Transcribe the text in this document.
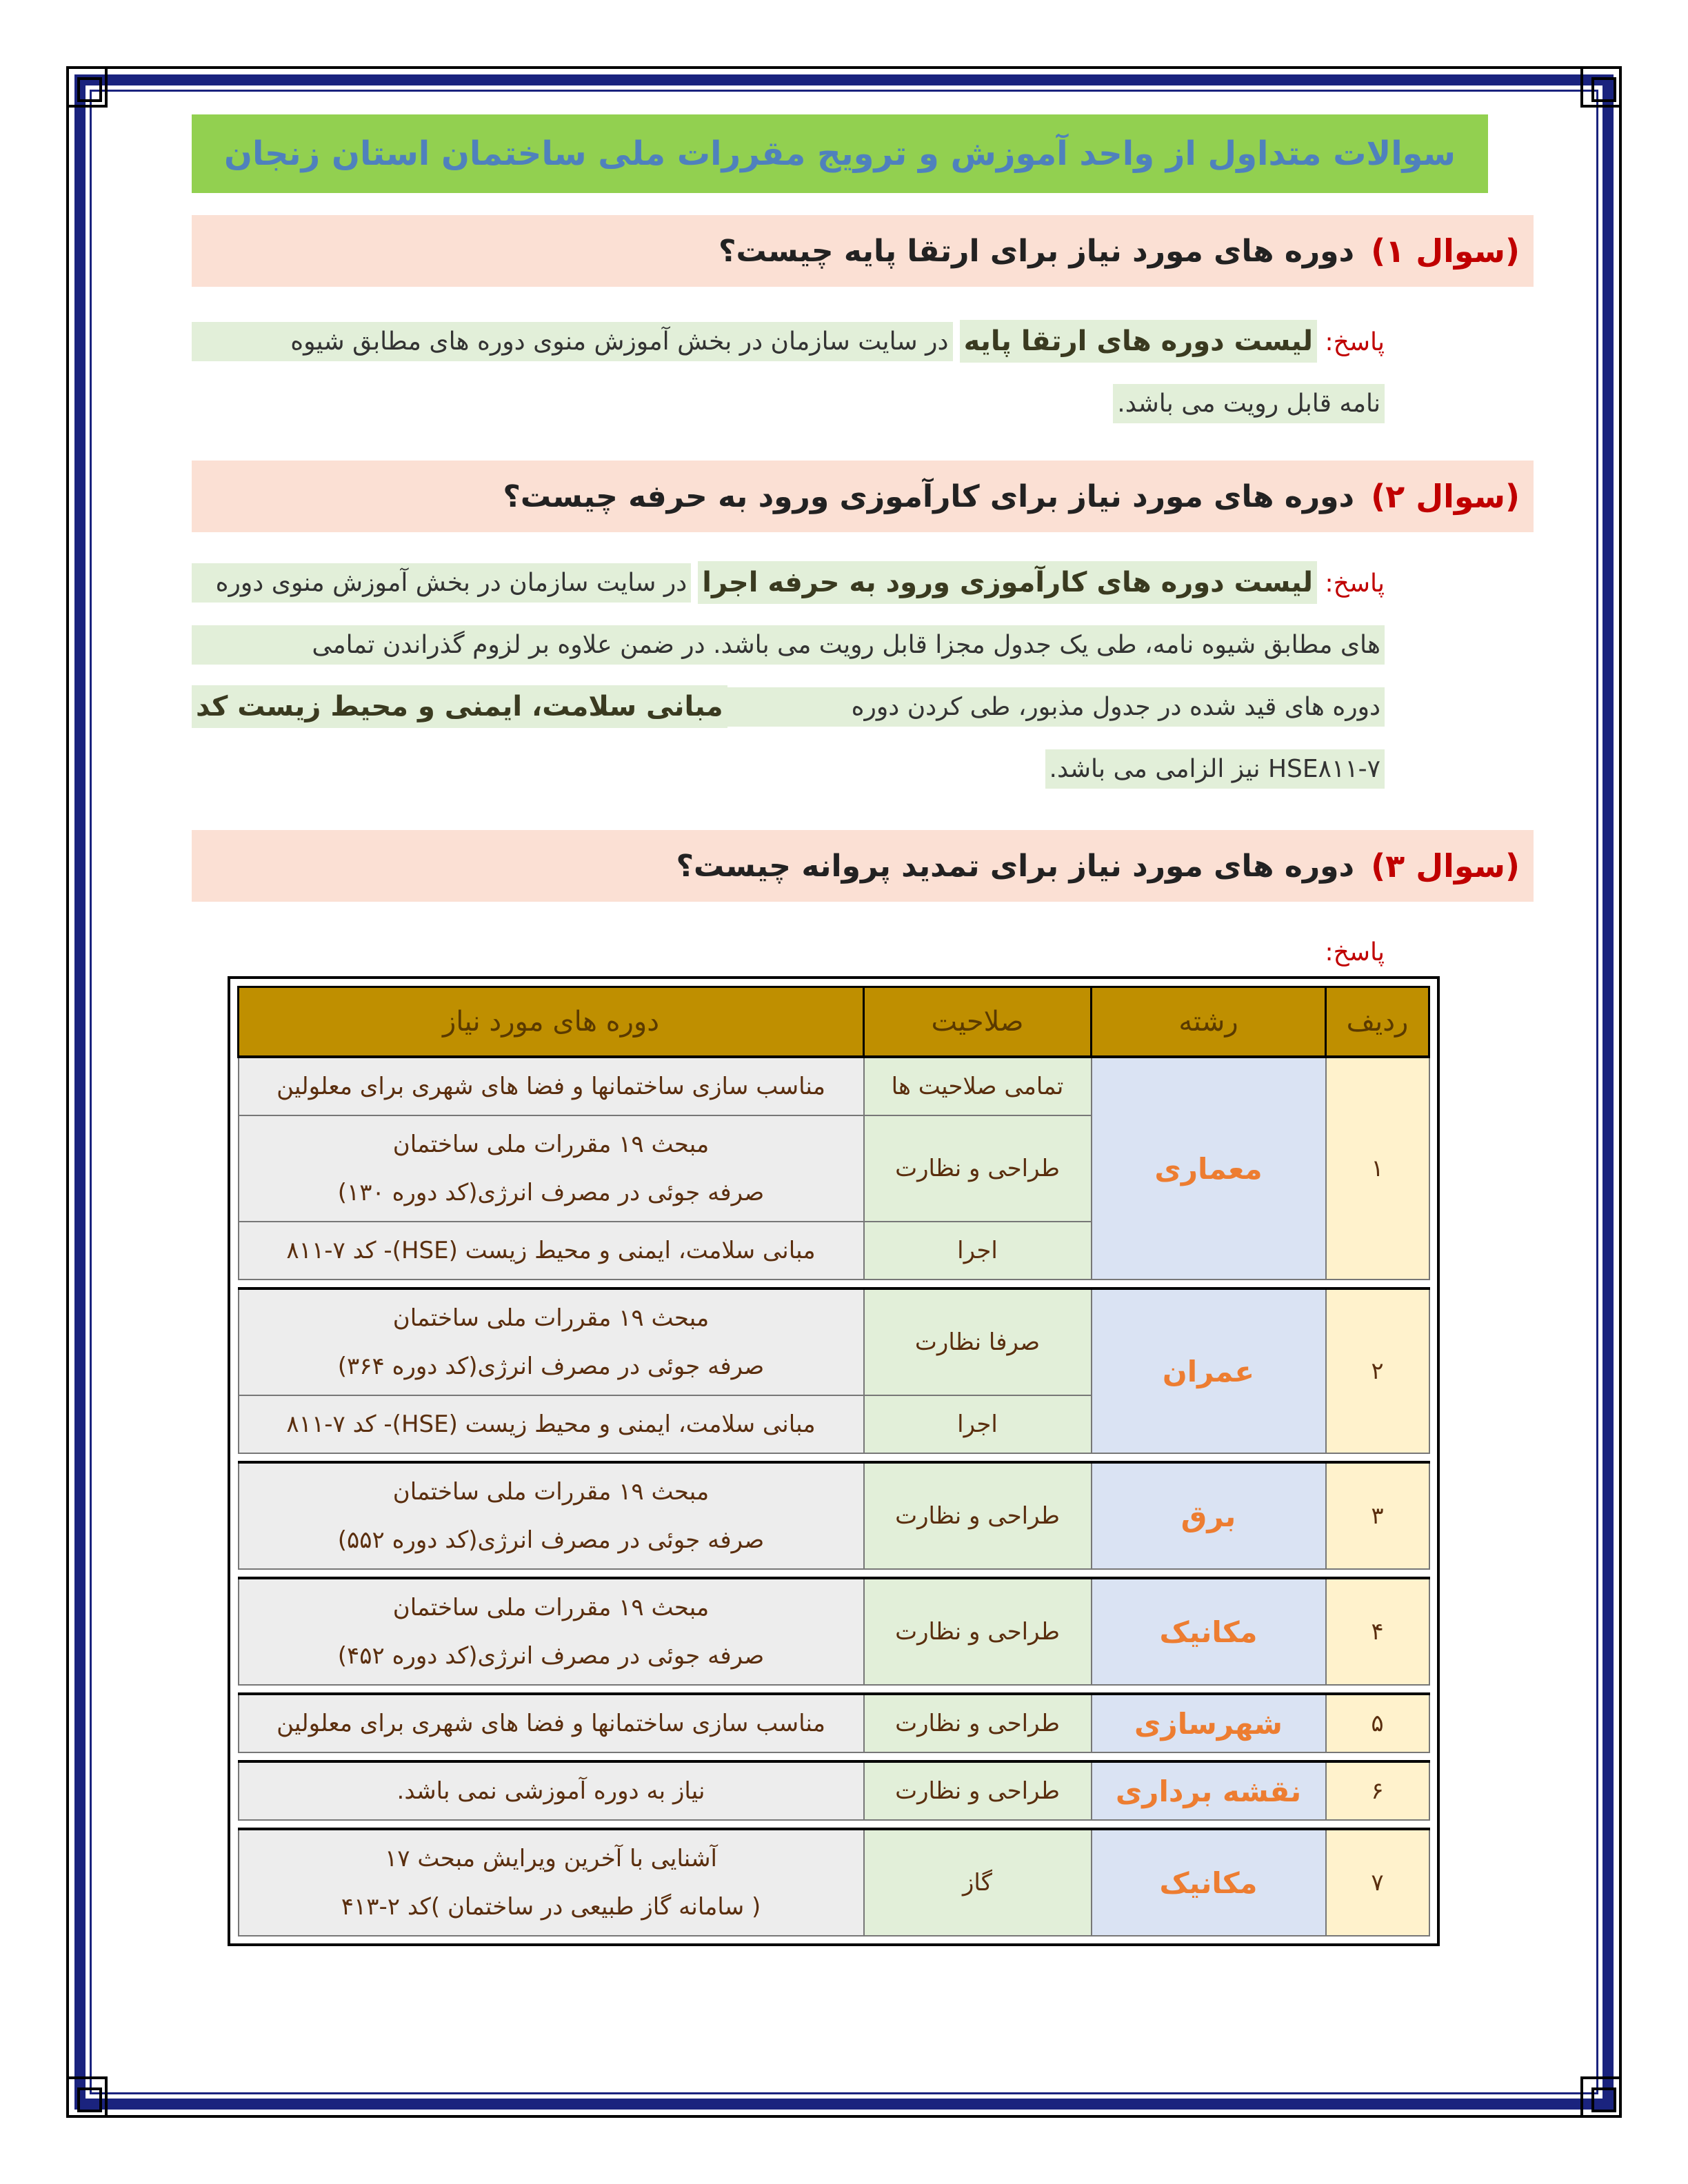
سوالات متداول از واحد آموزش و ترویج مقررات ملی ساختمان استان زنجان
(سوال ۱)
دوره های مورد نیاز برای ارتقا پایه چیست؟
پاسخ: لیست دوره های ارتقا پایه
در سایت سازمان در بخش آموزش منوی دوره های مطابق شیوه
نامه قابل رویت می باشد.
(سوال ۲)
دوره های مورد نیاز برای کارآموزی ورود به حرفه چیست؟
پاسخ: لیست دوره های کارآموزی ورود به حرفه اجرا
در سایت سازمان در بخش آموزش منوی دوره
های مطابق شیوه نامه، طی یک جدول مجزا قابل رویت می باشد. در ضمن علاوه بر لزوم گذراندن تمامی
دوره های قید شده در جدول مذبور، طی کردن دوره
مبانی سلامت، ایمنی و محیط زیست کد
HSE۸۱۱-۷ نیز الزامی می باشد.
(سوال ۳)
دوره های مورد نیاز برای تمدید پروانه چیست؟
پاسخ:
ردیف	رشته	صلاحیت	دوره های مورد نیاز
۱	معماری	تمامی صلاحیت ها	مناسب سازی ساختمانها و فضا های شهری برای معلولین

		طراحی و نظارت	مبحث ۱۹ مقررات ملی ساختمان
صرفه جوئی در مصرف انرژی(کد دوره ۱۳۰)

		اجرا	مبانی سلامت، ایمنی و محیط زیست (HSE)- کد ۷-۸۱۱

۲	عمران	صرفا نظارت	مبحث ۱۹ مقررات ملی ساختمان
صرفه جوئی در مصرف انرژی(کد دوره ۳۶۴)

		اجرا	مبانی سلامت، ایمنی و محیط زیست (HSE)- کد ۷-۸۱۱

۳	برق	طراحی و نظارت	مبحث ۱۹ مقررات ملی ساختمان
صرفه جوئی در مصرف انرژی(کد دوره ۵۵۲)

۴	مکانیک	طراحی و نظارت	مبحث ۱۹ مقررات ملی ساختمان
صرفه جوئی در مصرف انرژی(کد دوره ۴۵۲)

۵	شهرسازی	طراحی و نظارت	مناسب سازی ساختمانها و فضا های شهری برای معلولین

۶	نقشه برداری	طراحی و نظارت	نیاز به دوره آموزشی نمی باشد.

۷	مکانیک	گاز	آشنایی با آخرین ویرایش مبحث ۱۷
( سامانه گاز طبیعی در ساختمان )کد ۲-۴۱۳
